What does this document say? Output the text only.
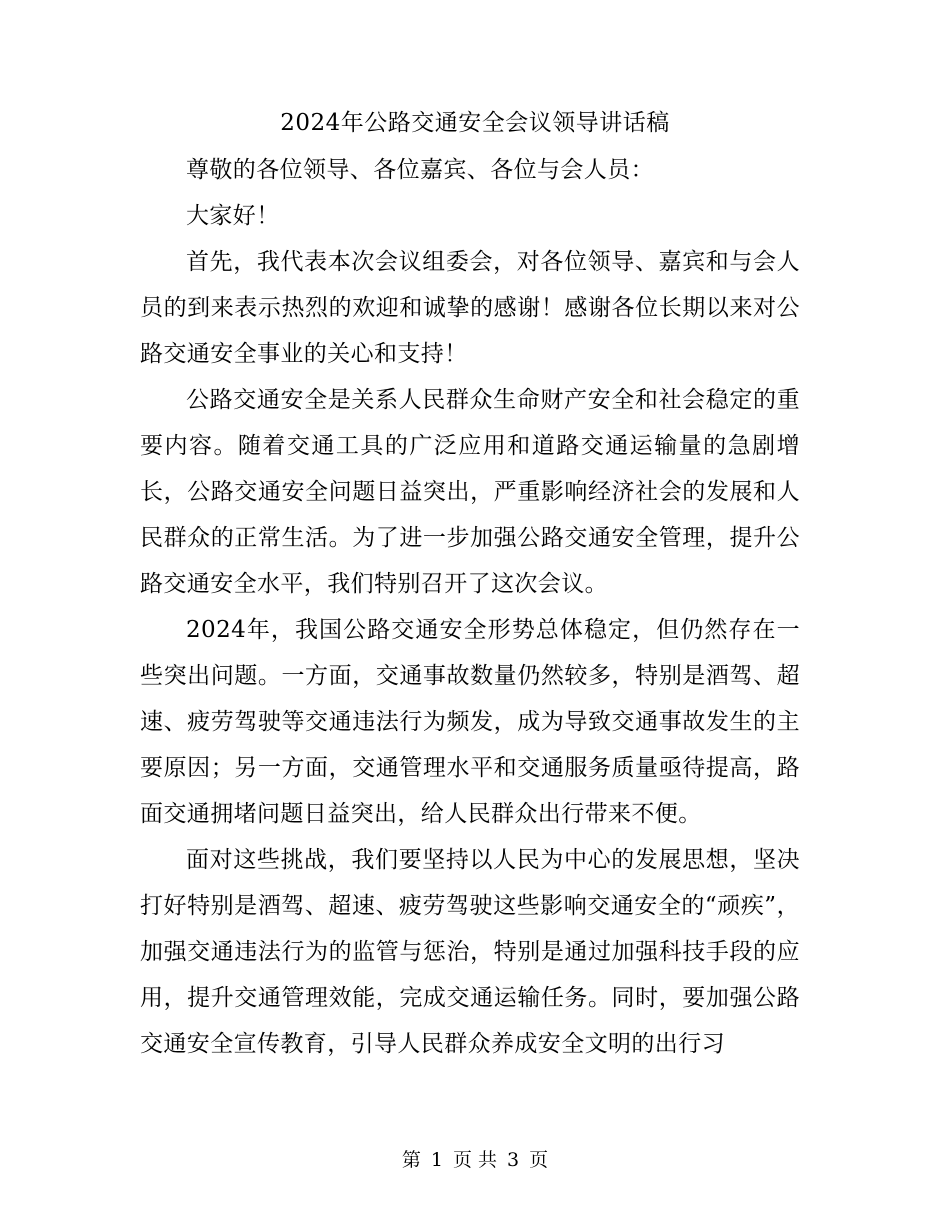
2024年公路交通安全会议领导讲话稿

尊敬的各位领导、各位嘉宾、各位与会人员：

大家好！

首先，我代表本次会议组委会，对各位领导、嘉宾和与会人员的到来表示热烈的欢迎和诚挚的感谢！感谢各位长期以来对公路交通安全事业的关心和支持！

公路交通安全是关系人民群众生命财产安全和社会稳定的重要内容。随着交通工具的广泛应用和道路交通运输量的急剧增长，公路交通安全问题日益突出，严重影响经济社会的发展和人民群众的正常生活。为了进一步加强公路交通安全管理，提升公路交通安全水平，我们特别召开了这次会议。

2024年，我国公路交通安全形势总体稳定，但仍然存在一些突出问题。一方面，交通事故数量仍然较多，特别是酒驾、超速、疲劳驾驶等交通违法行为频发，成为导致交通事故发生的主要原因；另一方面，交通管理水平和交通服务质量亟待提高，路面交通拥堵问题日益突出，给人民群众出行带来不便。

面对这些挑战，我们要坚持以人民为中心的发展思想，坚决打好特别是酒驾、超速、疲劳驾驶这些影响交通安全的“顽疾”，加强交通违法行为的监管与惩治，特别是通过加强科技手段的应用，提升交通管理效能，完成交通运输任务。同时，要加强公路交通安全宣传教育，引导人民群众养成安全文明的出行习

第 1 页 共 3 页
